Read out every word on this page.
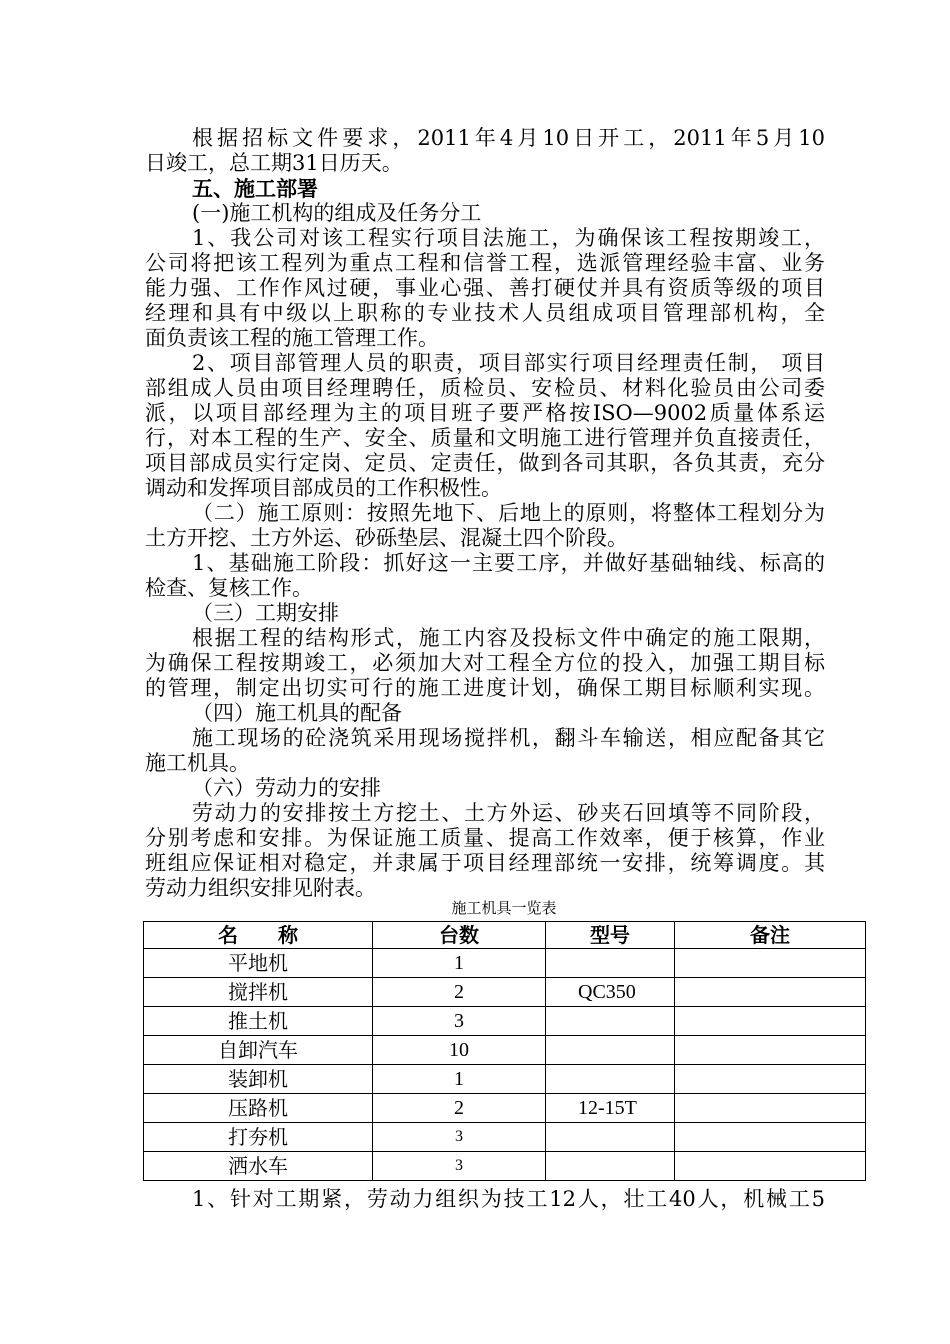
根据招标文件要求，2011年4月10日开工，2011年5月10
日竣工，总工期31日历天。
五、施工部署
(一)施工机构的组成及任务分工
1、我公司对该工程实行项目法施工，为确保该工程按期竣工，
公司将把该工程列为重点工程和信誉工程，选派管理经验丰富、业务
能力强、工作作风过硬，事业心强、善打硬仗并具有资质等级的项目
经理和具有中级以上职称的专业技术人员组成项目管理部机构，全
面负责该工程的施工管理工作。
2、项目部管理人员的职责，项目部实行项目经理责任制， 项目
部组成人员由项目经理聘任，质检员、安检员、材料化验员由公司委
派，以项目部经理为主的项目班子要严格按ISO—9002质量体系运
行，对本工程的生产、安全、质量和文明施工进行管理并负直接责任，
项目部成员实行定岗、定员、定责任，做到各司其职，各负其责，充分
调动和发挥项目部成员的工作积极性。
（二）施工原则：按照先地下、后地上的原则，将整体工程划分为
土方开挖、土方外运、砂砾垫层、混凝土四个阶段。
1、基础施工阶段：抓好这一主要工序，并做好基础轴线、标高的
检查、复核工作。
（三）工期安排
根据工程的结构形式，施工内容及投标文件中确定的施工限期，
为确保工程按期竣工，必须加大对工程全方位的投入，加强工期目标
的管理，制定出切实可行的施工进度计划，确保工期目标顺利实现。
（四）施工机具的配备
施工现场的砼浇筑采用现场搅拌机，翻斗车输送，相应配备其它
施工机具。
（六）劳动力的安排
劳动力的安排按土方挖土、土方外运、砂夹石回填等不同阶段，
分别考虑和安排。为保证施工质量、提高工作效率，便于核算，作业
班组应保证相对稳定，并隶属于项目经理部统一安排，统筹调度。其
劳动力组织安排见附表。
施工机具一览表
名　　称	台数	型号	备注
平地机	1		
搅拌机	2	QC350	
推土机	3		
自卸汽车	10		
装卸机	1		
压路机	2	12-15T	
打夯机	3		
洒水车	3		
1、针对工期紧，劳动力组织为技工12人，壮工40人，机械工5
